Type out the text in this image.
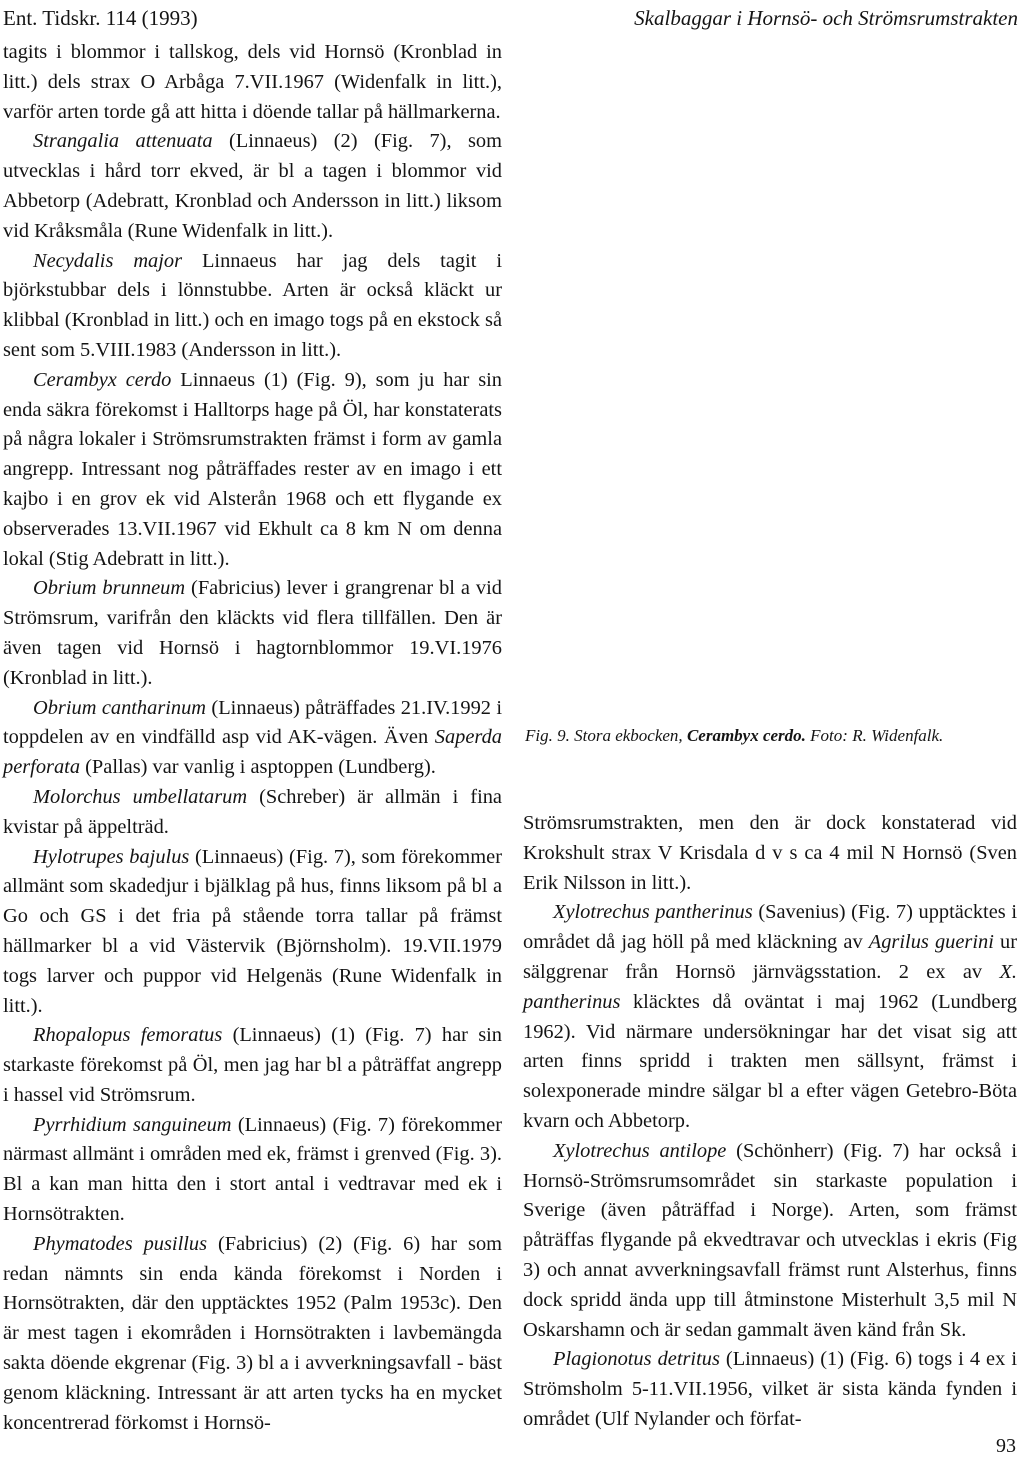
Ent. Tidskr. 114 (1993)	Skalbaggar i Hornsö- och Strömsrumstrakten

tagits i blommor i tallskog, dels vid Hornsö (Kronblad in litt.) dels strax O Arbåga 7.VII.1967 (Widenfalk in litt.), varför arten torde gå att hitta i döende tallar på hällmarkerna.

Strangalia attenuata (Linnaeus) (2) (Fig. 7), som utvecklas i hård torr ekved, är bl a tagen i blommor vid Abbetorp (Adebratt, Kronblad och Andersson in litt.) liksom vid Kråksmåla (Rune Widenfalk in litt.).

Necydalis major Linnaeus har jag dels tagit i björkstubbar dels i lönnstubbe. Arten är också kläckt ur klibbal (Kronblad in litt.) och en imago togs på en ekstock så sent som 5.VIII.1983 (Andersson in litt.).

Cerambyx cerdo Linnaeus (1) (Fig. 9), som ju har sin enda säkra förekomst i Halltorps hage på Öl, har konstaterats på några lokaler i Strömsrumstrakten främst i form av gamla angrepp. Intressant nog påträffades rester av en imago i ett kajbo i en grov ek vid Alsterån 1968 och ett flygande ex observerades 13.VII.1967 vid Ekhult ca 8 km N om denna lokal (Stig Adebratt in litt.).

Obrium brunneum (Fabricius) lever i grangrenar bl a vid Strömsrum, varifrån den kläckts vid flera tillfällen. Den är även tagen vid Hornsö i hagtornblommor 19.VI.1976 (Kronblad in litt.).

Obrium cantharinum (Linnaeus) påträffades 21.IV.1992 i toppdelen av en vindfälld asp vid AK-vägen. Även Saperda perforata (Pallas) var vanlig i asptoppen (Lundberg).

Molorchus umbellatarum (Schreber) är allmän i fina kvistar på äppelträd.

Hylotrupes bajulus (Linnaeus) (Fig. 7), som förekommer allmänt som skadedjur i bjälklag på hus, finns liksom på bl a Go och GS i det fria på stående torra tallar på främst hällmarker bl a vid Västervik (Björnsholm). 19.VII.1979 togs larver och puppor vid Helgenäs (Rune Widenfalk in litt.).

Rhopalopus femoratus (Linnaeus) (1) (Fig. 7) har sin starkaste förekomst på Öl, men jag har bl a påträffat angrepp i hassel vid Strömsrum.

Pyrrhidium sanguineum (Linnaeus) (Fig. 7) förekommer närmast allmänt i områden med ek, främst i grenved (Fig. 3). Bl a kan man hitta den i stort antal i vedtravar med ek i Hornsötrakten.

Phymatodes pusillus (Fabricius) (2) (Fig. 6) har som redan nämnts sin enda kända förekomst i Norden i Hornsötrakten, där den upptäcktes 1952 (Palm 1953c). Den är mest tagen i ekområden i Hornsötrakten i lavbemängda sakta döende ekgrenar (Fig. 3) bl a i avverkningsavfall - bäst genom kläckning. Intressant är att arten tycks ha en mycket koncentrerad förkomst i Hornsö-

Fig. 9. Stora ekbocken, Cerambyx cerdo. Foto: R. Widenfalk.

Strömsrumstrakten, men den är dock konstaterad vid Krokshult strax V Krisdala d v s ca 4 mil N Hornsö (Sven Erik Nilsson in litt.).

Xylotrechus pantherinus (Savenius) (Fig. 7) upptäcktes i området då jag höll på med kläckning av Agrilus guerini ur sälggrenar från Hornsö järnvägsstation. 2 ex av X. pantherinus kläcktes då oväntat i maj 1962 (Lundberg 1962). Vid närmare undersökningar har det visat sig att arten finns spridd i trakten men sällsynt, främst i solexponerade mindre sälgar bl a efter vägen Getebro-Böta kvarn och Abbetorp.

Xylotrechus antilope (Schönherr) (Fig. 7) har också i Hornsö-Strömsrumsområdet sin starkaste population i Sverige (även påträffad i Norge). Arten, som främst påträffas flygande på ekvedtravar och utvecklas i ekris (Fig 3) och annat avverkningsavfall främst runt Alsterhus, finns dock spridd ända upp till åtminstone Misterhult 3,5 mil N Oskarshamn och är sedan gammalt även känd från Sk.

Plagionotus detritus (Linnaeus) (1) (Fig. 6) togs i 4 ex i Strömsholm 5-11.VII.1956, vilket är sista kända fynden i området (Ulf Nylander och förfat-

93
